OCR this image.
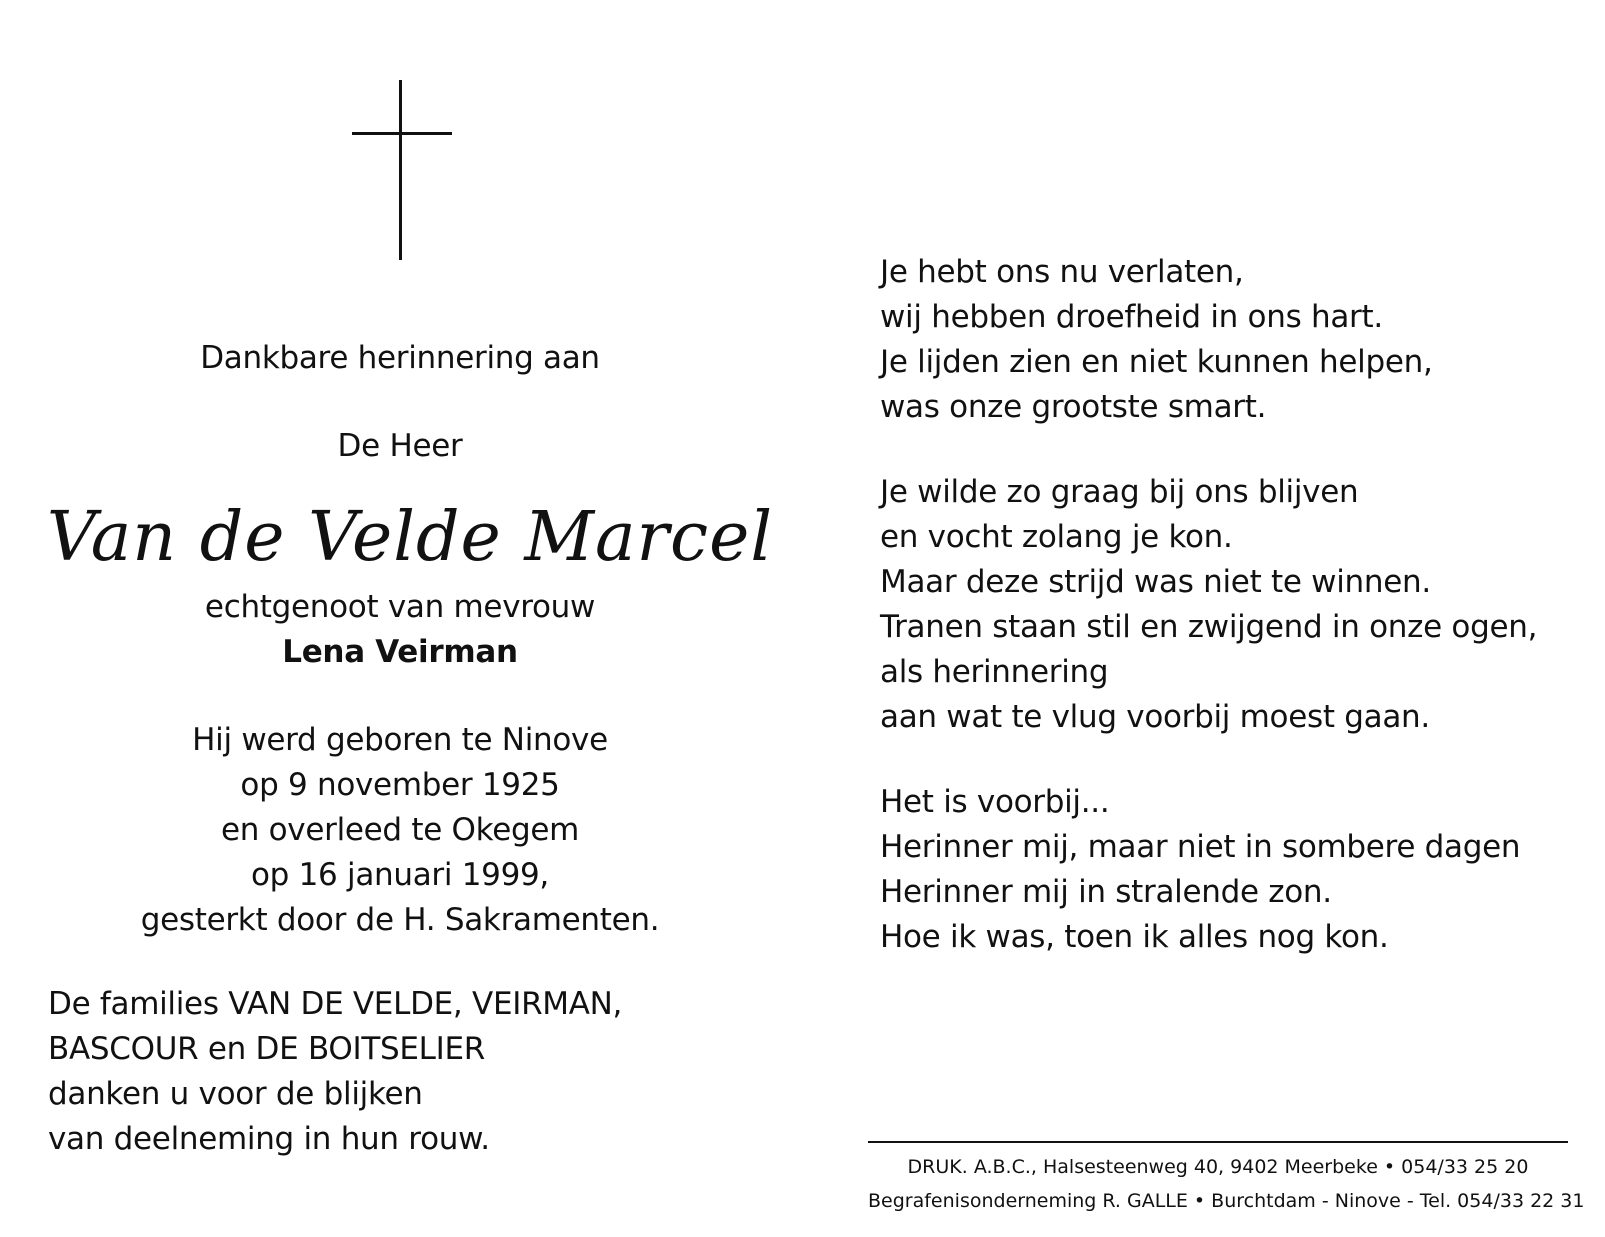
Dankbare herinnering aan
De Heer
Van de Velde Marcel
echtgenoot van mevrouw
Lena Veirman
Hij werd geboren te Ninove
op 9 november 1925
en overleed te Okegem
op 16 januari 1999,
gesterkt door de H. Sakramenten.
De families VAN DE VELDE, VEIRMAN,
BASCOUR en DE BOITSELIER
danken u voor de blijken
van deelneming in hun rouw.
Je hebt ons nu verlaten,
wij hebben droefheid in ons hart.
Je lijden zien en niet kunnen helpen,
was onze grootste smart.
Je wilde zo graag bij ons blijven
en vocht zolang je kon.
Maar deze strijd was niet te winnen.
Tranen staan stil en zwijgend in onze ogen,
als herinnering
aan wat te vlug voorbij moest gaan.
Het is voorbij...
Herinner mij, maar niet in sombere dagen
Herinner mij in stralende zon.
Hoe ik was, toen ik alles nog kon.
DRUK. A.B.C., Halsesteenweg 40, 9402 Meerbeke • 054/33 25 20
Begrafenisonderneming R. GALLE • Burchtdam - Ninove - Tel. 054/33 22 31
